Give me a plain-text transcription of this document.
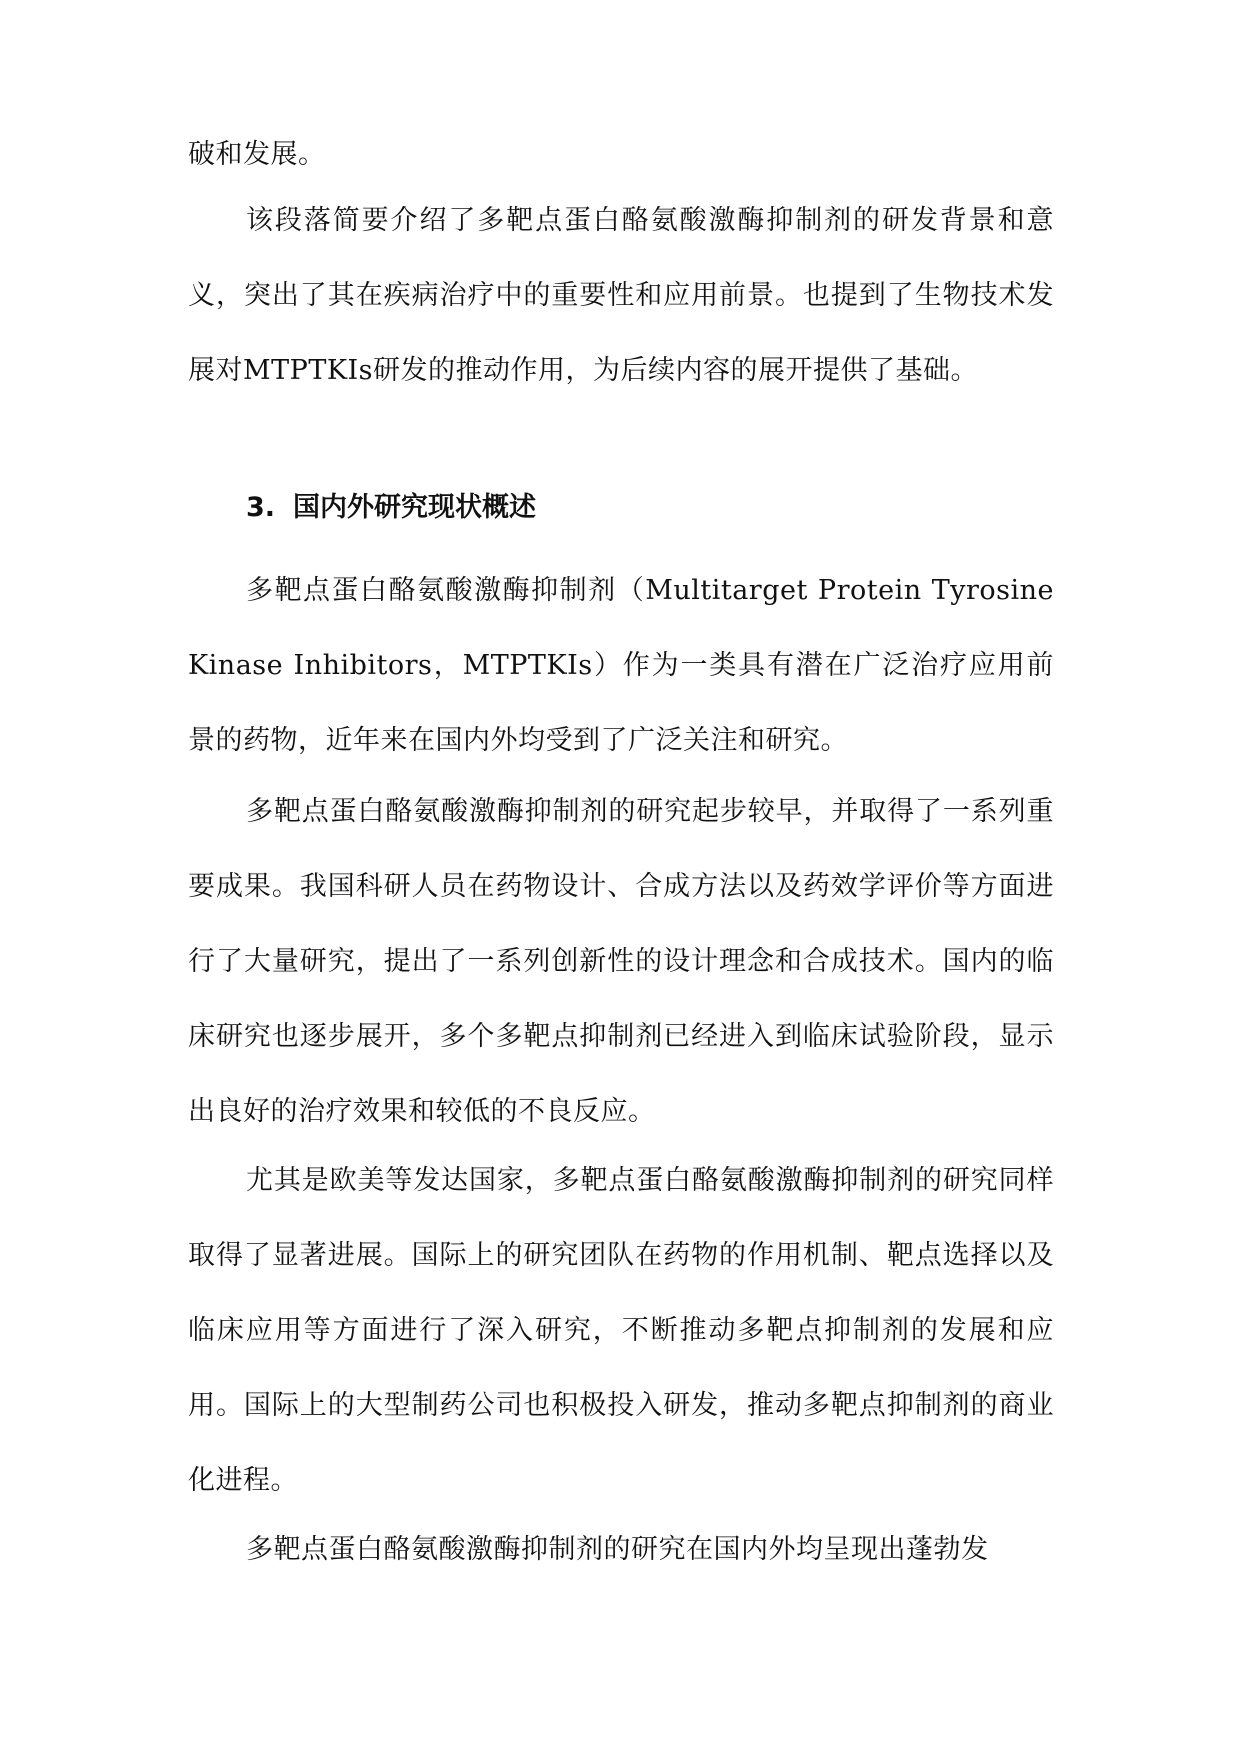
破和发展。

该段落简要介绍了多靶点蛋白酪氨酸激酶抑制剂的研发背景和意义，突出了其在疾病治疗中的重要性和应用前景。也提到了生物技术发展对MTPTKIs研发的推动作用，为后续内容的展开提供了基础。

3. 国内外研究现状概述

多靶点蛋白酪氨酸激酶抑制剂（Multitarget Protein Tyrosine Kinase Inhibitors，MTPTKIs）作为一类具有潜在广泛治疗应用前景的药物，近年来在国内外均受到了广泛关注和研究。

多靶点蛋白酪氨酸激酶抑制剂的研究起步较早，并取得了一系列重要成果。我国科研人员在药物设计、合成方法以及药效学评价等方面进行了大量研究，提出了一系列创新性的设计理念和合成技术。国内的临床研究也逐步展开，多个多靶点抑制剂已经进入到临床试验阶段，显示出良好的治疗效果和较低的不良反应。

尤其是欧美等发达国家，多靶点蛋白酪氨酸激酶抑制剂的研究同样取得了显著进展。国际上的研究团队在药物的作用机制、靶点选择以及临床应用等方面进行了深入研究，不断推动多靶点抑制剂的发展和应用。国际上的大型制药公司也积极投入研发，推动多靶点抑制剂的商业化进程。

多靶点蛋白酪氨酸激酶抑制剂的研究在国内外均呈现出蓬勃发
